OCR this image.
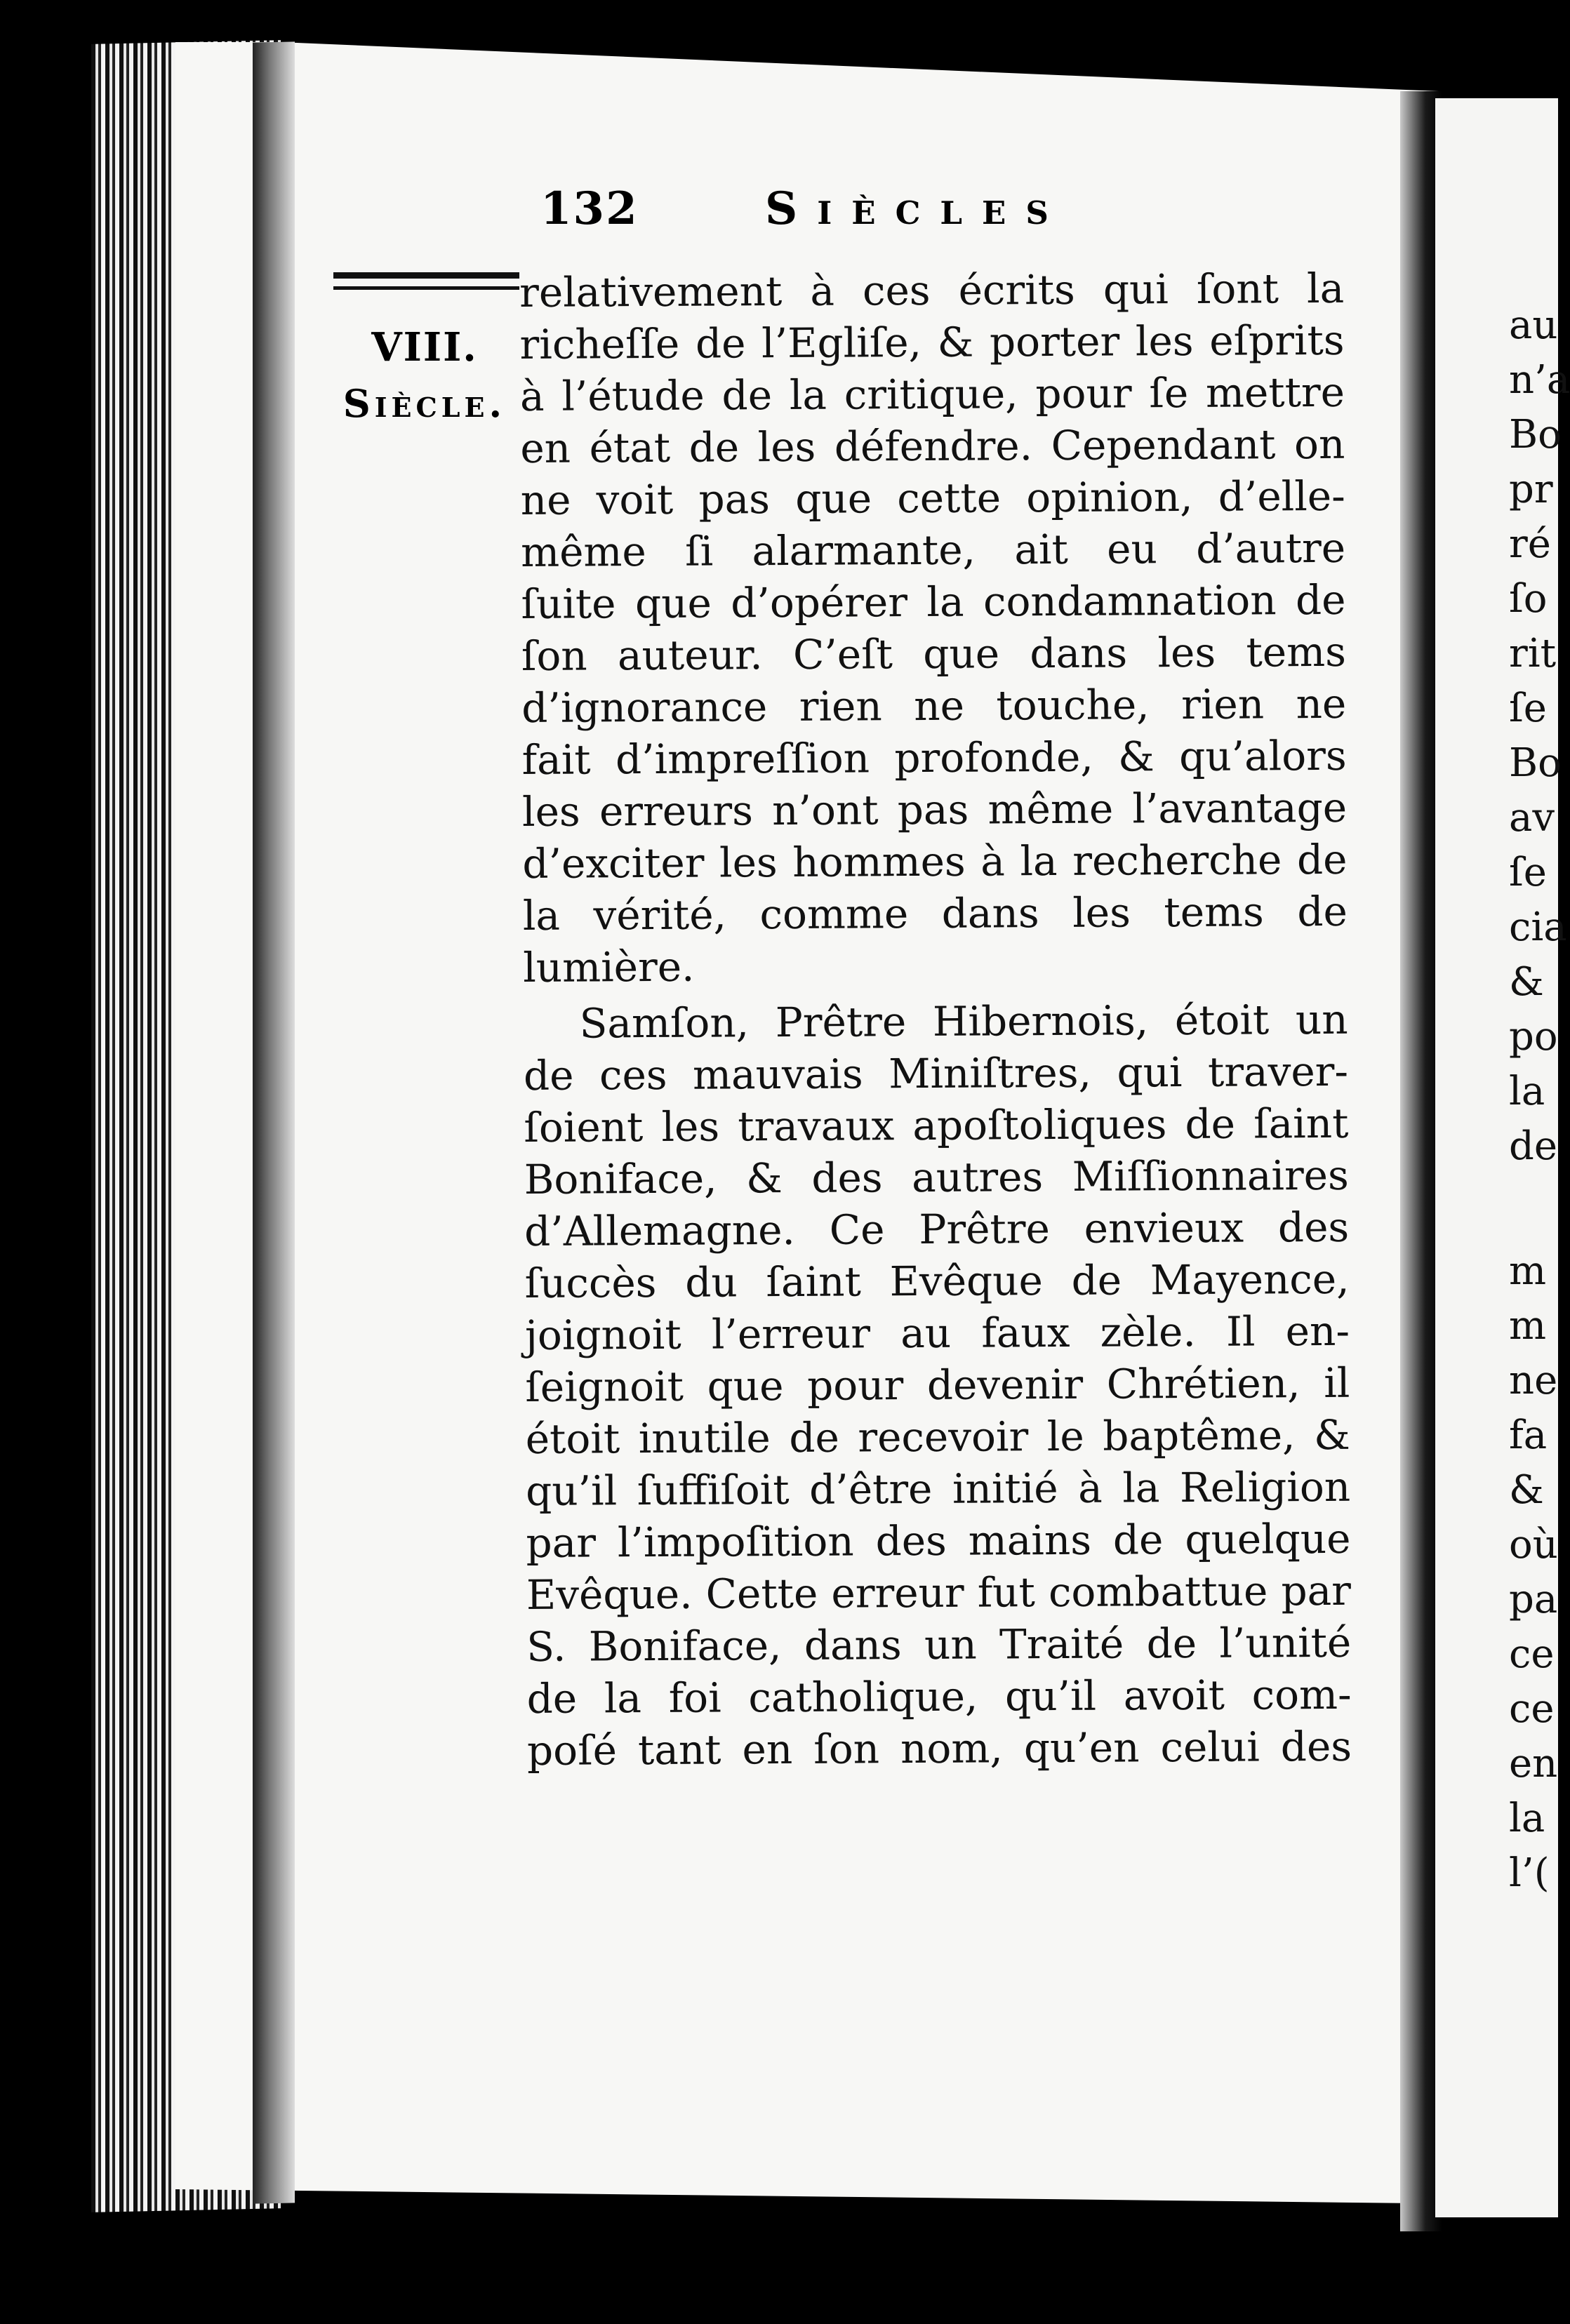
132	Siècles
VIII.
Siècle.
relativement à ces écrits qui ſont la
richeſſe de l’Egliſe, & porter les eſprits
à l’étude de la critique, pour ſe mettre
en état de les défendre. Cependant on
ne voit pas que cette opinion, d’elle-
même ſi alarmante, ait eu d’autre
ſuite que d’opérer la condamnation de
ſon auteur. C’eſt que dans les tems
d’ignorance rien ne touche, rien ne
fait d’impreſſion profonde, & qu’alors
les erreurs n’ont pas même l’avantage
d’exciter les hommes à la recherche de
la vérité, comme dans les tems de
lumière.
Samſon, Prêtre Hibernois, étoit un
de ces mauvais Miniſtres, qui traver-
ſoient les travaux apoſtoliques de ſaint
Boniface, & des autres Miſſionnaires
d’Allemagne. Ce Prêtre envieux des
ſuccès du ſaint Evêque de Mayence,
joignoit l’erreur au faux zèle. Il en-
ſeignoit que pour devenir Chrétien, il
étoit inutile de recevoir le baptême, &
qu’il ſuffiſoit d’être initié à la Religion
par l’impoſition des mains de quelque
Evêque. Cette erreur fut combattue par
S. Boniface, dans un Traité de l’unité
de la foi catholique, qu’il avoit com-
poſé tant en ſon nom, qu’en celui des
au
n’a
Bo
pr
ré
ſo
rit
ſe
Bo
av
ſe
cia
&
po
la
de
m
m
ne
fa
&
où
pa
ce
ce
en
la
l’(
